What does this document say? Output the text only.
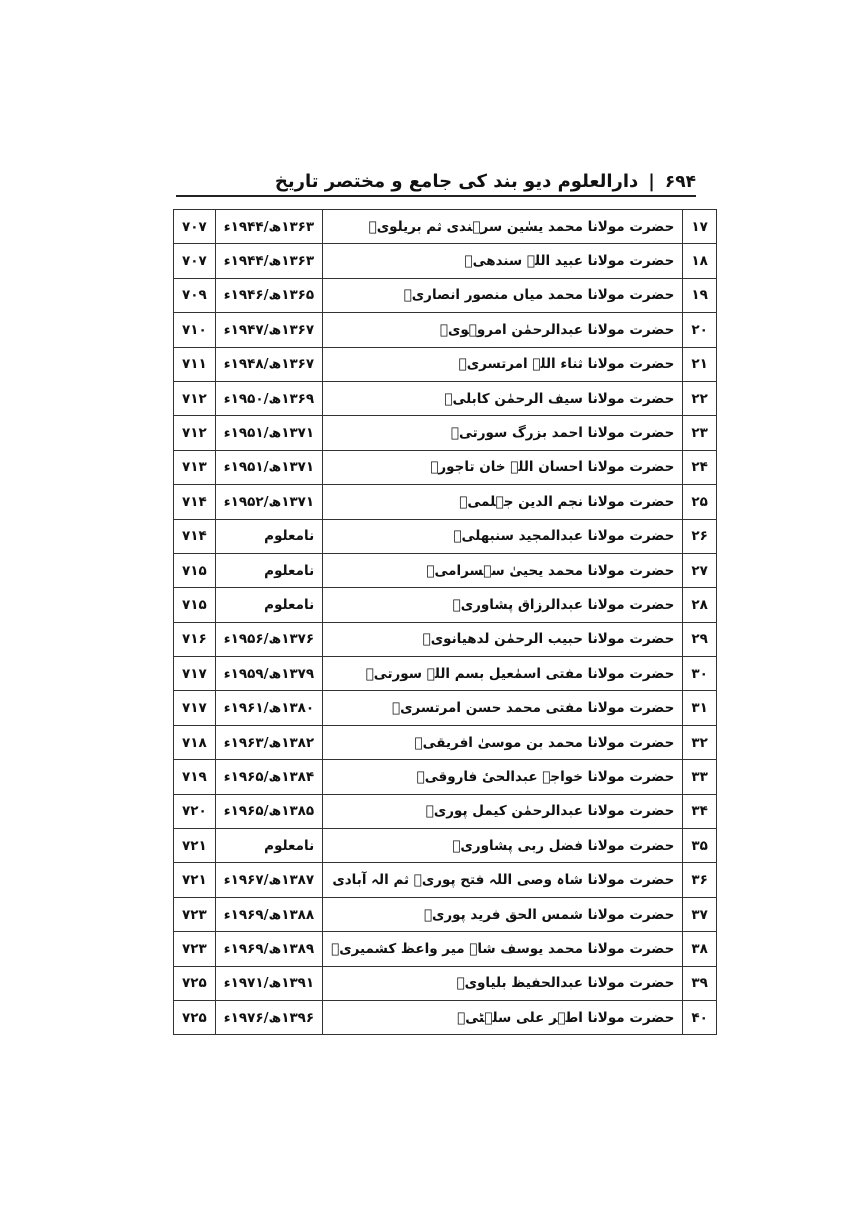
۶۹۴
|
دارالعلوم دیو بند کی جامع و مختصر تاریخ
۱۷	حضرت مولانا محمد یسٰین سرہندی ثم بریلویؒ	۱۳۶۳ھ/۱۹۴۴ء	۷۰۷
۱۸	حضرت مولانا عبید اللہ سندھیؒ	۱۳۶۳ھ/۱۹۴۴ء	۷۰۷
۱۹	حضرت مولانا محمد میاں منصور انصاریؒ	۱۳۶۵ھ/۱۹۴۶ء	۷۰۹
۲۰	حضرت مولانا عبدالرحمٰن امروہویؒ	۱۳۶۷ھ/۱۹۴۷ء	۷۱۰
۲۱	حضرت مولانا ثناء اللہ امرتسریؒ	۱۳۶۷ھ/۱۹۴۸ء	۷۱۱
۲۲	حضرت مولانا سیف الرحمٰن کابلیؒ	۱۳۶۹ھ/۱۹۵۰ء	۷۱۲
۲۳	حضرت مولانا احمد بزرگ سورتیؒ	۱۳۷۱ھ/۱۹۵۱ء	۷۱۲
۲۴	حضرت مولانا احسان اللہ خان تاجورؒ	۱۳۷۱ھ/۱۹۵۱ء	۷۱۳
۲۵	حضرت مولانا نجم الدین جہلمیؒ	۱۳۷۱ھ/۱۹۵۲ء	۷۱۴
۲۶	حضرت مولانا عبدالمجید سنبھلیؒ	نامعلوم	۷۱۴
۲۷	حضرت مولانا محمد یحییٰ سہسرامیؒ	نامعلوم	۷۱۵
۲۸	حضرت مولانا عبدالرزاق پشاوریؒ	نامعلوم	۷۱۵
۲۹	حضرت مولانا حبیب الرحمٰن لدھیانویؒ	۱۳۷۶ھ/۱۹۵۶ء	۷۱۶
۳۰	حضرت مولانا مفتی اسمٰعیل بسم اللہ سورتیؒ	۱۳۷۹ھ/۱۹۵۹ء	۷۱۷
۳۱	حضرت مولانا مفتی محمد حسن امرتسریؒ	۱۳۸۰ھ/۱۹۶۱ء	۷۱۷
۳۲	حضرت مولانا محمد بن موسیٰ افریقیؒ	۱۳۸۲ھ/۱۹۶۳ء	۷۱۸
۳۳	حضرت مولانا خواجہ عبدالحیٔ فاروقیؒ	۱۳۸۴ھ/۱۹۶۵ء	۷۱۹
۳۴	حضرت مولانا عبدالرحمٰن کیمل پوریؒ	۱۳۸۵ھ/۱۹۶۵ء	۷۲۰
۳۵	حضرت مولانا فضل ربی پشاوریؒ	نامعلوم	۷۲۱
۳۶	حضرت مولانا شاہ وصی اللہ فتح پوریؒ ثم الہ آبادی	۱۳۸۷ھ/۱۹۶۷ء	۷۲۱
۳۷	حضرت مولانا شمس الحق فرید پوریؒ	۱۳۸۸ھ/۱۹۶۹ء	۷۲۳
۳۸	حضرت مولانا محمد یوسف شاہ میر واعظ کشمیریؒ	۱۳۸۹ھ/۱۹۶۹ء	۷۲۳
۳۹	حضرت مولانا عبدالحفیظ بلیاویؒ	۱۳۹۱ھ/۱۹۷۱ء	۷۲۵
۴۰	حضرت مولانا اطہر علی سلہٹیؒ	۱۳۹۶ھ/۱۹۷۶ء	۷۲۵
